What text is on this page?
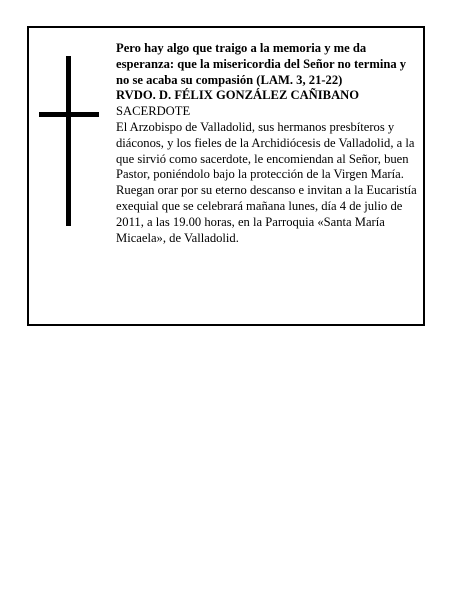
Pero hay algo que traigo a la memoria y me da esperanza: que la misericordia del Señor no termina y no se acaba su compasión (LAM. 3, 21-22)

RVDO. D. FÉLIX GONZÁLEZ CAÑIBANO

SACERDOTE

El Arzobispo de Valladolid, sus hermanos presbíteros y diáconos, y los fieles de la Archidiócesis de Valladolid, a la que sirvió como sacerdote, le encomiendan al Señor, buen Pastor, poniéndolo bajo la protección de la Virgen María.

Ruegan orar por su eterno descanso e invitan a la Eucaristía exequial que se celebrará mañana lunes, día 4 de julio de 2011, a las 19.00 horas, en la Parroquia «Santa María Micaela», de Valladolid.
